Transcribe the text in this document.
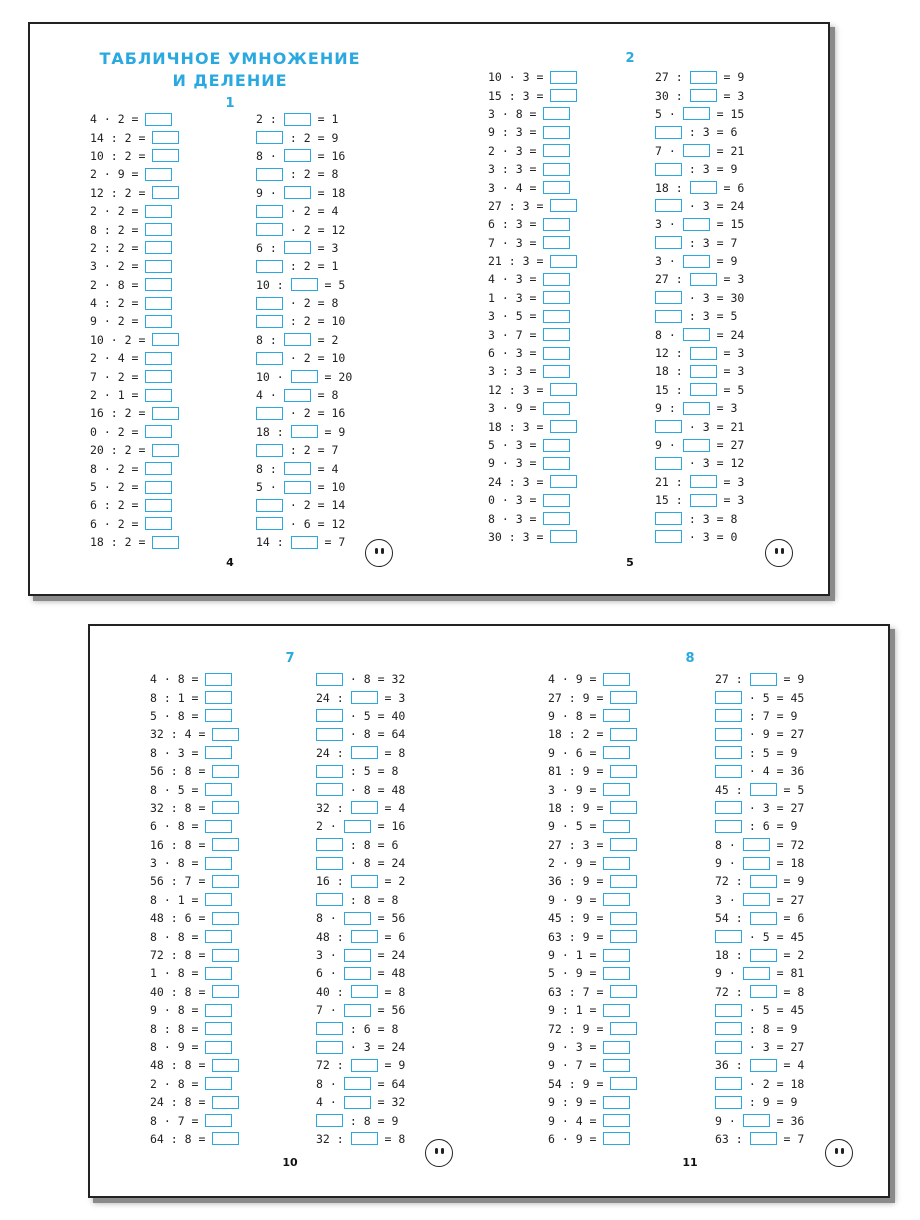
ТАБЛИЧНОЕ УМНОЖЕНИЕ
И ДЕЛЕНИЕ
1
4 · 2 =
14 : 2 =
10 : 2 =
2 · 9 =
12 : 2 =
2 · 2 =
8 : 2 =
2 : 2 =
3 · 2 =
2 · 8 =
4 : 2 =
9 · 2 =
10 · 2 =
2 · 4 =
7 · 2 =
2 · 1 =
16 : 2 =
0 · 2 =
20 : 2 =
8 · 2 =
5 · 2 =
6 : 2 =
6 · 2 =
18 : 2 =
2 : = 1
: 2 = 9
8 · = 16
: 2 = 8
9 · = 18
· 2 = 4
· 2 = 12
6 : = 3
: 2 = 1
10 : = 5
· 2 = 8
: 2 = 10
8 : = 2
· 2 = 10
10 · = 20
4 · = 8
· 2 = 16
18 : = 9
: 2 = 7
8 : = 4
5 · = 10
· 2 = 14
· 6 = 12
14 : = 7
4
2
10 · 3 =
15 : 3 =
3 · 8 =
9 : 3 =
2 · 3 =
3 : 3 =
3 · 4 =
27 : 3 =
6 : 3 =
7 · 3 =
21 : 3 =
4 · 3 =
1 · 3 =
3 · 5 =
3 · 7 =
6 · 3 =
3 : 3 =
12 : 3 =
3 · 9 =
18 : 3 =
5 · 3 =
9 · 3 =
24 : 3 =
0 · 3 =
8 · 3 =
30 : 3 =
27 : = 9
30 : = 3
5 · = 15
: 3 = 6
7 · = 21
: 3 = 9
18 : = 6
· 3 = 24
3 · = 15
: 3 = 7
3 · = 9
27 : = 3
· 3 = 30
: 3 = 5
8 · = 24
12 : = 3
18 : = 3
15 : = 5
9 : = 3
· 3 = 21
9 · = 27
· 3 = 12
21 : = 3
15 : = 3
: 3 = 8
· 3 = 0
5
7
4 · 8 =
8 : 1 =
5 · 8 =
32 : 4 =
8 · 3 =
56 : 8 =
8 · 5 =
32 : 8 =
6 · 8 =
16 : 8 =
3 · 8 =
56 : 7 =
8 · 1 =
48 : 6 =
8 · 8 =
72 : 8 =
1 · 8 =
40 : 8 =
9 · 8 =
8 : 8 =
8 · 9 =
48 : 8 =
2 · 8 =
24 : 8 =
8 · 7 =
64 : 8 =
· 8 = 32
24 : = 3
· 5 = 40
· 8 = 64
24 : = 8
: 5 = 8
· 8 = 48
32 : = 4
2 · = 16
: 8 = 6
· 8 = 24
16 : = 2
: 8 = 8
8 · = 56
48 : = 6
3 · = 24
6 · = 48
40 : = 8
7 · = 56
: 6 = 8
· 3 = 24
72 : = 9
8 · = 64
4 · = 32
: 8 = 9
32 : = 8
10
8
4 · 9 =
27 : 9 =
9 · 8 =
18 : 2 =
9 · 6 =
81 : 9 =
3 · 9 =
18 : 9 =
9 · 5 =
27 : 3 =
2 · 9 =
36 : 9 =
9 · 9 =
45 : 9 =
63 : 9 =
9 · 1 =
5 · 9 =
63 : 7 =
9 : 1 =
72 : 9 =
9 · 3 =
9 · 7 =
54 : 9 =
9 : 9 =
9 · 4 =
6 · 9 =
27 : = 9
· 5 = 45
: 7 = 9
· 9 = 27
: 5 = 9
· 4 = 36
45 : = 5
· 3 = 27
: 6 = 9
8 · = 72
9 · = 18
72 : = 9
3 · = 27
54 : = 6
· 5 = 45
18 : = 2
9 · = 81
72 : = 8
· 5 = 45
: 8 = 9
· 3 = 27
36 : = 4
· 2 = 18
: 9 = 9
9 · = 36
63 : = 7
11
